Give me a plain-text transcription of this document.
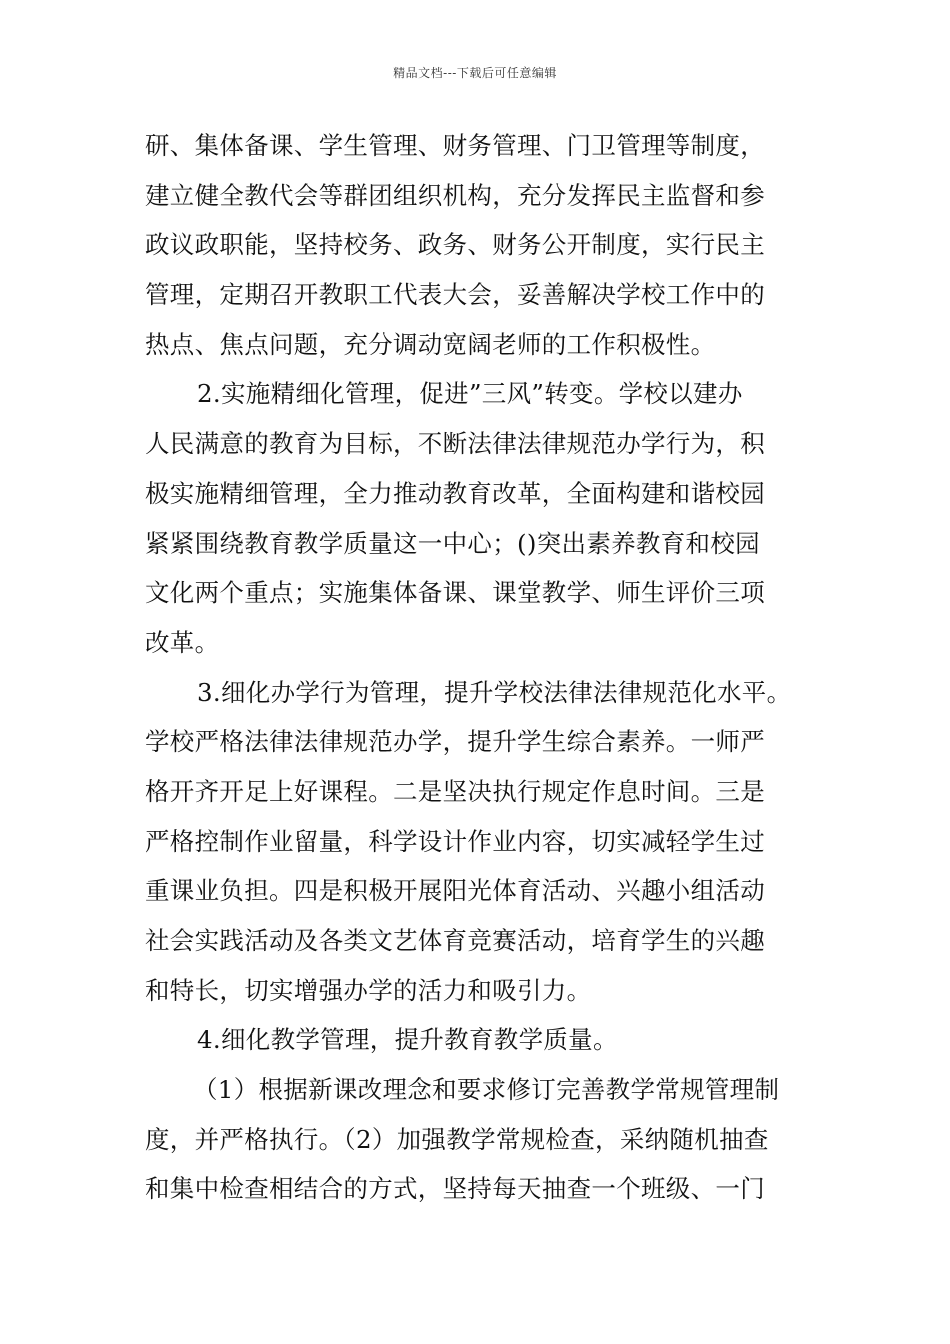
精品文档---下载后可任意编辑
研、集体备课、学生管理、财务管理、门卫管理等制度，
建立健全教代会等群团组织机构，充分发挥民主监督和参
政议政职能，坚持校务、政务、财务公开制度，实行民主
管理，定期召开教职工代表大会，妥善解决学校工作中的
热点、焦点问题，充分调动宽阔老师的工作积极性。
2.实施精细化管理，促进”三风”转变。学校以建办
人民满意的教育为目标，不断法律法律规范办学行为，积
极实施精细管理，全力推动教育改革，全面构建和谐校园
紧紧围绕教育教学质量这一中心；()突出素养教育和校园
文化两个重点；实施集体备课、课堂教学、师生评价三项
改革。
3.细化办学行为管理，提升学校法律法律规范化水平。
学校严格法律法律规范办学，提升学生综合素养。一师严
格开齐开足上好课程。二是坚决执行规定作息时间。三是
严格控制作业留量，科学设计作业内容，切实减轻学生过
重课业负担。四是积极开展阳光体育活动、兴趣小组活动
社会实践活动及各类文艺体育竞赛活动，培育学生的兴趣
和特长，切实增强办学的活力和吸引力。
4.细化教学管理，提升教育教学质量。
（1）根据新课改理念和要求修订完善教学常规管理制
度，并严格执行。（2）加强教学常规检查，采纳随机抽查
和集中检查相结合的方式，坚持每天抽查一个班级、一门
